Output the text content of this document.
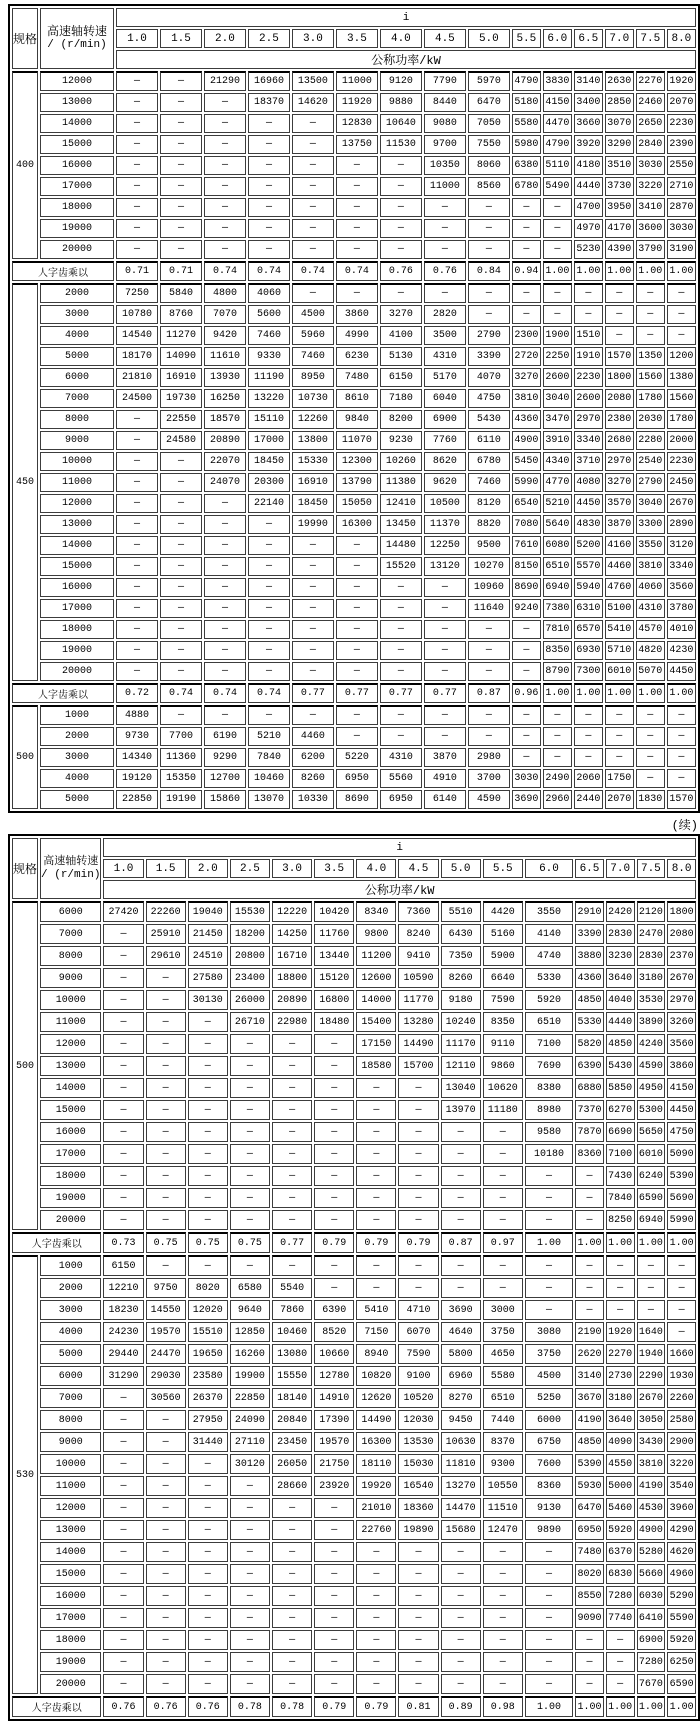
规格	高速轴转速
/ (r/min)	i														
		1.0	1.5	2.0	2.5	3.0	3.5	4.0	4.5	5.0	5.5	6.0	6.5	7.0	7.5	8.0
		公称功率/kW														
400	12000	—	—	21290	16960	13500	11000	9120	7790	5970	4790	3830	3140	2630	2270	1920
	13000	—	—	—	18370	14620	11920	9880	8440	6470	5180	4150	3400	2850	2460	2070
	14000	—	—	—	—	—	12830	10640	9080	7050	5580	4470	3660	3070	2650	2230
	15000	—	—	—	—	—	13750	11530	9700	7550	5980	4790	3920	3290	2840	2390
	16000	—	—	—	—	—	—	—	10350	8060	6380	5110	4180	3510	3030	2550
	17000	—	—	—	—	—	—	—	11000	8560	6780	5490	4440	3730	3220	2710
	18000	—	—	—	—	—	—	—	—	—	—	—	4700	3950	3410	2870
	19000	—	—	—	—	—	—	—	—	—	—	—	4970	4170	3600	3030
	20000	—	—	—	—	—	—	—	—	—	—	—	5230	4390	3790	3190
人字齿乘以		0.71	0.71	0.74	0.74	0.74	0.74	0.76	0.76	0.84	0.94	1.00	1.00	1.00	1.00	1.00
450	2000	7250	5840	4800	4060	—	—	—	—	—	—	—	—	—	—	—
	3000	10780	8760	7070	5600	4500	3860	3270	2820	—	—	—	—	—	—	—
	4000	14540	11270	9420	7460	5960	4990	4100	3500	2790	2300	1900	1510	—	—	—
	5000	18170	14090	11610	9330	7460	6230	5130	4310	3390	2720	2250	1910	1570	1350	1200
	6000	21810	16910	13930	11190	8950	7480	6150	5170	4070	3270	2600	2230	1800	1560	1380
	7000	24500	19730	16250	13220	10730	8610	7180	6040	4750	3810	3040	2600	2080	1780	1560
	8000	—	22550	18570	15110	12260	9840	8200	6900	5430	4360	3470	2970	2380	2030	1780
	9000	—	24580	20890	17000	13800	11070	9230	7760	6110	4900	3910	3340	2680	2280	2000
	10000	—	—	22070	18450	15330	12300	10260	8620	6780	5450	4340	3710	2970	2540	2230
	11000	—	—	24070	20300	16910	13790	11380	9620	7460	5990	4770	4080	3270	2790	2450
	12000	—	—	—	22140	18450	15050	12410	10500	8120	6540	5210	4450	3570	3040	2670
	13000	—	—	—	—	19990	16300	13450	11370	8820	7080	5640	4830	3870	3300	2890
	14000	—	—	—	—	—	—	14480	12250	9500	7610	6080	5200	4160	3550	3120
	15000	—	—	—	—	—	—	15520	13120	10270	8150	6510	5570	4460	3810	3340
	16000	—	—	—	—	—	—	—	—	10960	8690	6940	5940	4760	4060	3560
	17000	—	—	—	—	—	—	—	—	11640	9240	7380	6310	5100	4310	3780
	18000	—	—	—	—	—	—	—	—	—	—	7810	6570	5410	4570	4010
	19000	—	—	—	—	—	—	—	—	—	—	8350	6930	5710	4820	4230
	20000	—	—	—	—	—	—	—	—	—	—	8790	7300	6010	5070	4450
人字齿乘以		0.72	0.74	0.74	0.74	0.77	0.77	0.77	0.77	0.87	0.96	1.00	1.00	1.00	1.00	1.00
500	1000	4880	—	—	—	—	—	—	—	—	—	—	—	—	—	—
	2000	9730	7700	6190	5210	4460	—	—	—	—	—	—	—	—	—	—
	3000	14340	11360	9290	7840	6200	5220	4310	3870	2980	—	—	—	—	—	—
	4000	19120	15350	12700	10460	8260	6950	5560	4910	3700	3030	2490	2060	1750	—	—
	5000	22850	19190	15860	13070	10330	8690	6950	6140	4590	3690	2960	2440	2070	1830	1570
(续)
规格	高速轴转速
/ (r/min)	i														
		1.0	1.5	2.0	2.5	3.0	3.5	4.0	4.5	5.0	5.5	6.0	6.5	7.0	7.5	8.0
		公称功率/kW														
500	6000	27420	22260	19040	15530	12220	10420	8340	7360	5510	4420	3550	2910	2420	2120	1800
	7000	—	25910	21450	18200	14250	11760	9800	8240	6430	5160	4140	3390	2830	2470	2080
	8000	—	29610	24510	20800	16710	13440	11200	9410	7350	5900	4740	3880	3230	2830	2370
	9000	—	—	27580	23400	18800	15120	12600	10590	8260	6640	5330	4360	3640	3180	2670
	10000	—	—	30130	26000	20890	16800	14000	11770	9180	7590	5920	4850	4040	3530	2970
	11000	—	—	—	26710	22980	18480	15400	13280	10240	8350	6510	5330	4440	3890	3260
	12000	—	—	—	—	—	—	17150	14490	11170	9110	7100	5820	4850	4240	3560
	13000	—	—	—	—	—	—	18580	15700	12110	9860	7690	6390	5430	4590	3860
	14000	—	—	—	—	—	—	—	—	13040	10620	8380	6880	5850	4950	4150
	15000	—	—	—	—	—	—	—	—	13970	11180	8980	7370	6270	5300	4450
	16000	—	—	—	—	—	—	—	—	—	—	9580	7870	6690	5650	4750
	17000	—	—	—	—	—	—	—	—	—	—	10180	8360	7100	6010	5090
	18000	—	—	—	—	—	—	—	—	—	—	—	—	7430	6240	5390
	19000	—	—	—	—	—	—	—	—	—	—	—	—	7840	6590	5690
	20000	—	—	—	—	—	—	—	—	—	—	—	—	8250	6940	5990
人字齿乘以		0.73	0.75	0.75	0.75	0.77	0.79	0.79	0.79	0.87	0.97	1.00	1.00	1.00	1.00	1.00
530	1000	6150	—	—	—	—	—	—	—	—	—	—	—	—	—	—
	2000	12210	9750	8020	6580	5540	—	—	—	—	—	—	—	—	—	—
	3000	18230	14550	12020	9640	7860	6390	5410	4710	3690	3000	—	—	—	—	—
	4000	24230	19570	15510	12850	10460	8520	7150	6070	4640	3750	3080	2190	1920	1640	—
	5000	29440	24470	19650	16260	13080	10660	8940	7590	5800	4650	3750	2620	2270	1940	1660
	6000	31290	29030	23580	19900	15550	12780	10820	9100	6960	5580	4500	3140	2730	2290	1930
	7000	—	30560	26370	22850	18140	14910	12620	10520	8270	6510	5250	3670	3180	2670	2260
	8000	—	—	27950	24090	20840	17390	14490	12030	9450	7440	6000	4190	3640	3050	2580
	9000	—	—	31440	27110	23450	19570	16300	13530	10630	8370	6750	4850	4090	3430	2900
	10000	—	—	—	30120	26050	21750	18110	15030	11810	9300	7600	5390	4550	3810	3220
	11000	—	—	—	—	28660	23920	19920	16540	13270	10550	8360	5930	5000	4190	3540
	12000	—	—	—	—	—	—	21010	18360	14470	11510	9130	6470	5460	4530	3960
	13000	—	—	—	—	—	—	22760	19890	15680	12470	9890	6950	5920	4900	4290
	14000	—	—	—	—	—	—	—	—	—	—	—	7480	6370	5280	4620
	15000	—	—	—	—	—	—	—	—	—	—	—	8020	6830	5660	4960
	16000	—	—	—	—	—	—	—	—	—	—	—	8550	7280	6030	5290
	17000	—	—	—	—	—	—	—	—	—	—	—	9090	7740	6410	5590
	18000	—	—	—	—	—	—	—	—	—	—	—	—	—	6900	5920
	19000	—	—	—	—	—	—	—	—	—	—	—	—	—	7280	6250
	20000	—	—	—	—	—	—	—	—	—	—	—	—	—	7670	6590
人字齿乘以		0.76	0.76	0.76	0.78	0.78	0.79	0.79	0.81	0.89	0.98	1.00	1.00	1.00	1.00	1.00
